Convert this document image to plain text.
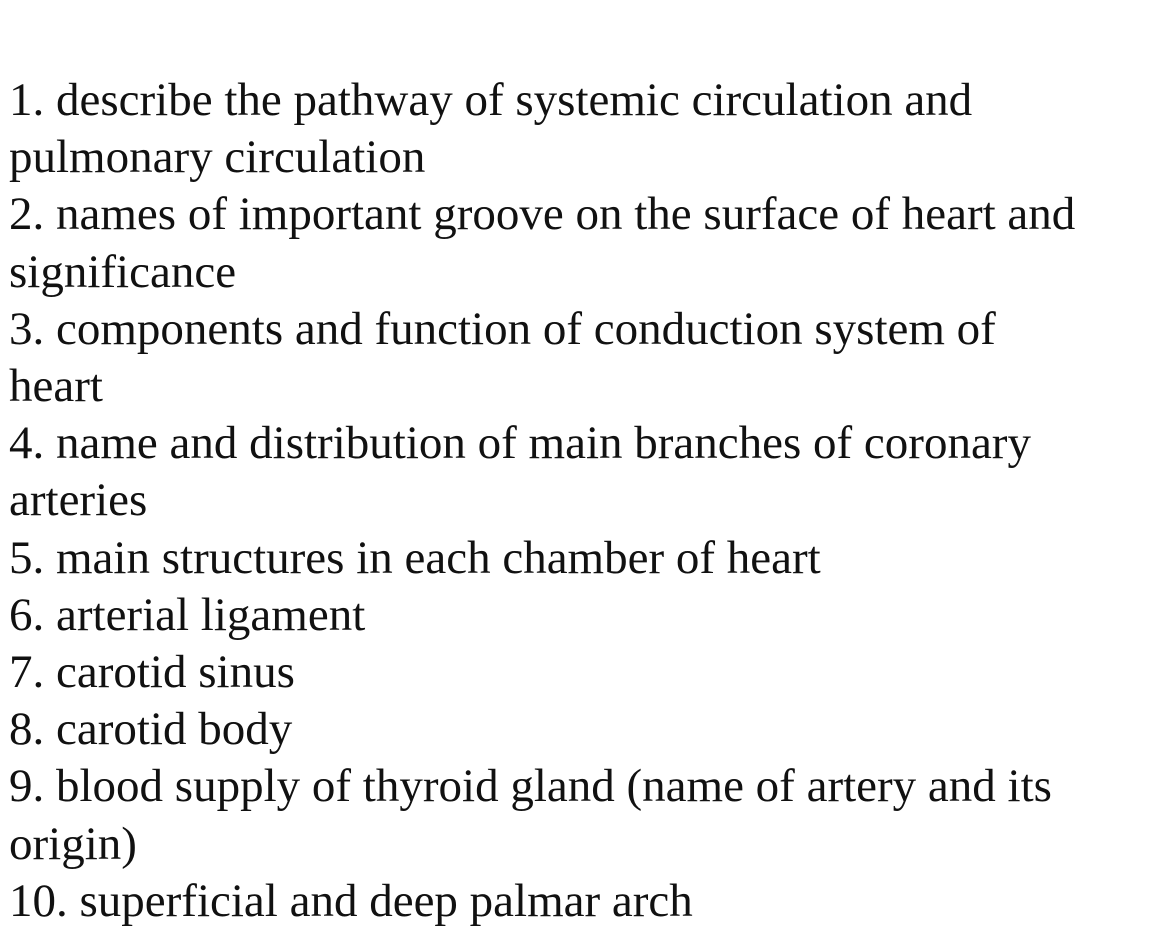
1. describe the pathway of systemic circulation and
pulmonary circulation
2. names of important groove on the surface of heart and
significance
3. components and function of conduction system of
heart
4. name and distribution of main branches of coronary
arteries
5. main structures in each chamber of heart
6. arterial ligament
7. carotid sinus
8. carotid body
9. blood supply of thyroid gland (name of artery and its
origin)
10. superficial and deep palmar arch
